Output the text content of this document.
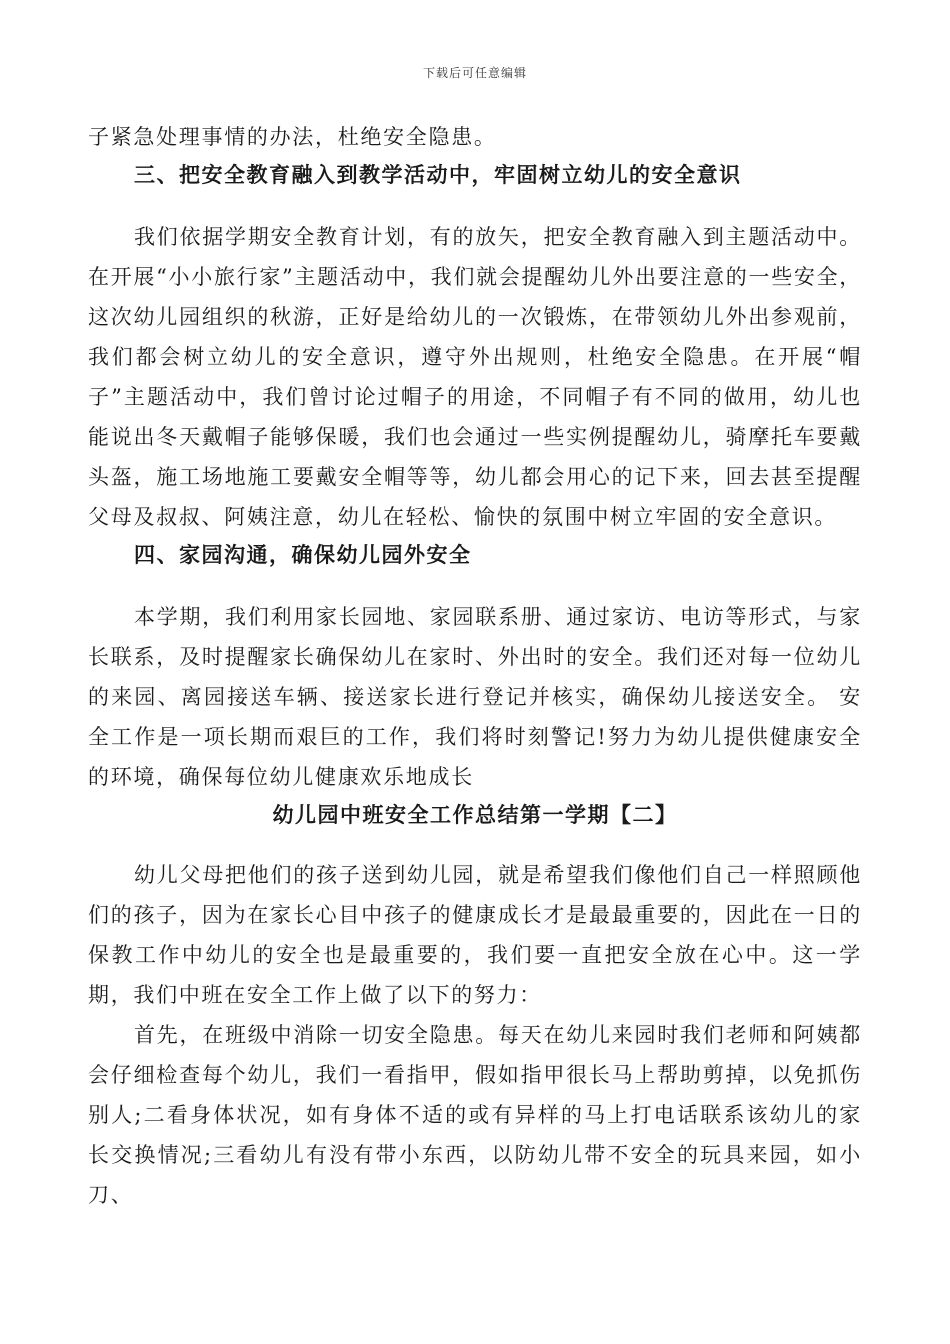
下载后可任意编辑

子紧急处理事情的办法，杜绝安全隐患。

三、把安全教育融入到教学活动中，牢固树立幼儿的安全意识

我们依据学期安全教育计划，有的放矢，把安全教育融入到主题活动中。在开展“小小旅行家”主题活动中，我们就会提醒幼儿外出要注意的一些安全，这次幼儿园组织的秋游，正好是给幼儿的一次锻炼，在带领幼儿外出参观前，我们都会树立幼儿的安全意识，遵守外出规则，杜绝安全隐患。在开展“帽子”主题活动中，我们曾讨论过帽子的用途，不同帽子有不同的做用，幼儿也能说出冬天戴帽子能够保暖，我们也会通过一些实例提醒幼儿，骑摩托车要戴头盔，施工场地施工要戴安全帽等等，幼儿都会用心的记下来，回去甚至提醒父母及叔叔、阿姨注意，幼儿在轻松、愉快的氛围中树立牢固的安全意识。

四、家园沟通，确保幼儿园外安全

本学期，我们利用家长园地、家园联系册、通过家访、电访等形式，与家长联系，及时提醒家长确保幼儿在家时、外出时的安全。我们还对每一位幼儿的来园、离园接送车辆、接送家长进行登记并核实，确保幼儿接送安全。 安全工作是一项长期而艰巨的工作，我们将时刻警记!努力为幼儿提供健康安全的环境，确保每位幼儿健康欢乐地成长

幼儿园中班安全工作总结第一学期【二】

幼儿父母把他们的孩子送到幼儿园，就是希望我们像他们自己一样照顾他们的孩子，因为在家长心目中孩子的健康成长才是最最重要的，因此在一日的保教工作中幼儿的安全也是最重要的，我们要一直把安全放在心中。这一学期，我们中班在安全工作上做了以下的努力：

首先，在班级中消除一切安全隐患。每天在幼儿来园时我们老师和阿姨都会仔细检查每个幼儿，我们一看指甲，假如指甲很长马上帮助剪掉，以免抓伤别人;二看身体状况，如有身体不适的或有异样的马上打电话联系该幼儿的家长交换情况;三看幼儿有没有带小东西，以防幼儿带不安全的玩具来园，如小刀、
